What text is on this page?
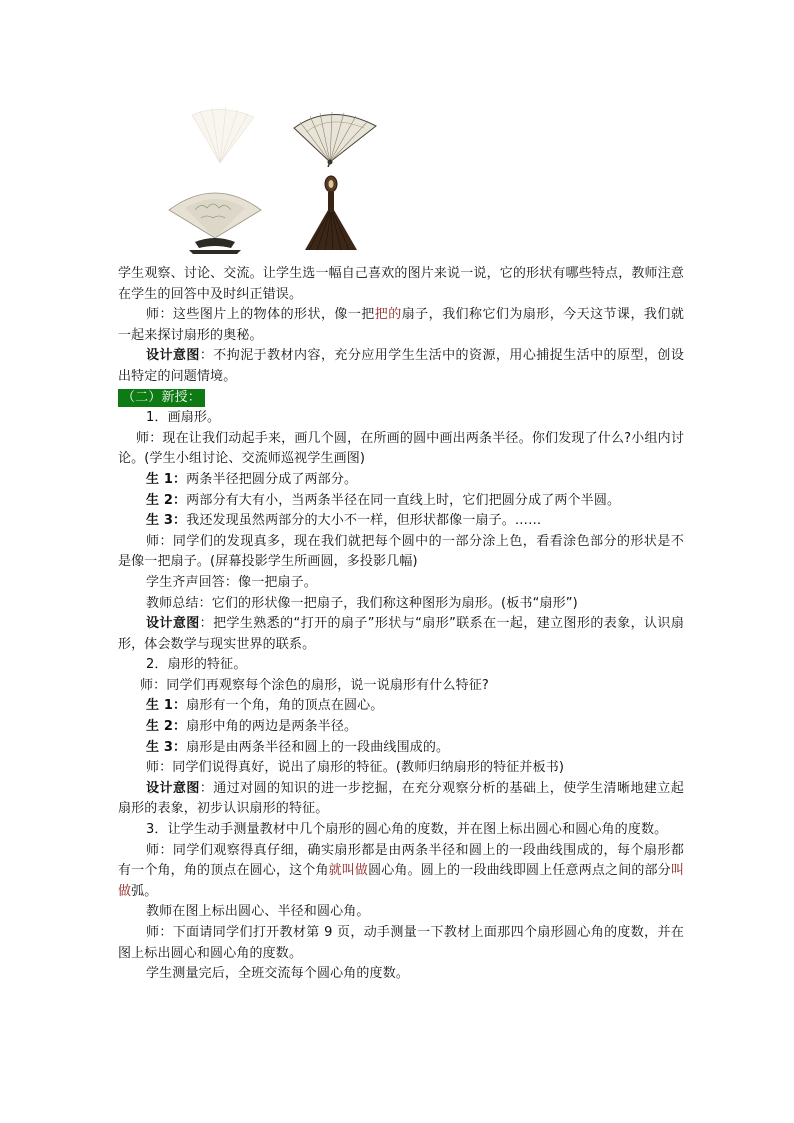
学生观察、讨论、交流。让学生选一幅自己喜欢的图片来说一说，它的形状有哪些特点，教师注意在学生的回答中及时纠正错误。

师：这些图片上的物体的形状，像一把把的扇子，我们称它们为扇形，今天这节课，我们就一起来探讨扇形的奥秘。

设计意图：不拘泥于教材内容，充分应用学生生活中的资源，用心捕捉生活中的原型，创设出特定的问题情境。

（二）新授：

1．画扇形。

师：现在让我们动起手来，画几个圆，在所画的圆中画出两条半径。你们发现了什么?小组内讨论。(学生小组讨论、交流师巡视学生画图)

生 1：两条半径把圆分成了两部分。

生 2：两部分有大有小，当两条半径在同一直线上时，它们把圆分成了两个半圆。

生 3：我还发现虽然两部分的大小不一样，但形状都像一扇子。……

师：同学们的发现真多，现在我们就把每个圆中的一部分涂上色，看看涂色部分的形状是不是像一把扇子。(屏幕投影学生所画圆，多投影几幅)

学生齐声回答：像一把扇子。

教师总结：它们的形状像一把扇子，我们称这种图形为扇形。(板书“扇形”)

设计意图：把学生熟悉的“打开的扇子”形状与“扇形”联系在一起，建立图形的表象，认识扇形，体会数学与现实世界的联系。

2．扇形的特征。

师：同学们再观察每个涂色的扇形，说一说扇形有什么特征?

生 1：扇形有一个角，角的顶点在圆心。

生 2：扇形中角的两边是两条半径。

生 3：扇形是由两条半径和圆上的一段曲线围成的。

师：同学们说得真好，说出了扇形的特征。(教师归纳扇形的特征并板书)

设计意图：通过对圆的知识的进一步挖掘，在充分观察分析的基础上，使学生清晰地建立起扇形的表象，初步认识扇形的特征。

3．让学生动手测量教材中几个扇形的圆心角的度数，并在图上标出圆心和圆心角的度数。

师：同学们观察得真仔细，确实扇形都是由两条半径和圆上的一段曲线围成的，每个扇形都有一个角，角的顶点在圆心，这个角就叫做圆心角。圆上的一段曲线即圆上任意两点之间的部分叫做弧。

教师在图上标出圆心、半径和圆心角。

师：下面请同学们打开教材第 9 页，动手测量一下教材上面那四个扇形圆心角的度数，并在图上标出圆心和圆心角的度数。

学生测量完后，全班交流每个圆心角的度数。
